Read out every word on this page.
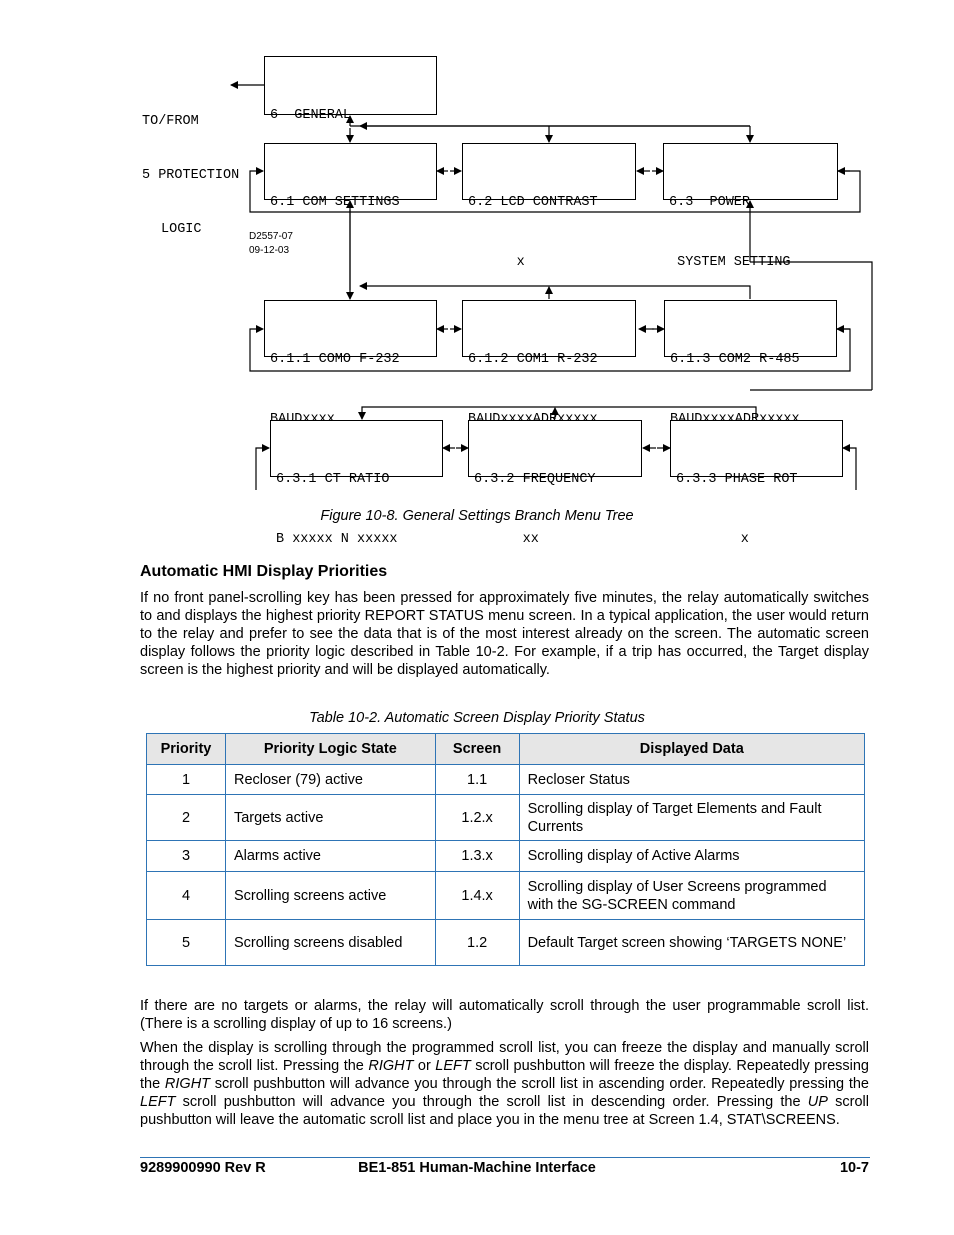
TO/FROM

5 PROTECTION

LOGIC

6  GENERAL

6.1 COM SETTINGS

	6.2 LCD CONTRAST

x

6.3  POWER

SYSTEM SETTING

D2557-07
09-12-03

6.1.1 COMO F-232

	6.1.2 COM1 R-232

	6.1.3 COM2 R-485

6.3.1 CT RATIO

B xxxxx N xxxxx

6.3.2 FREQUENCY

xx

6.3.3 PHASE ROT

x

Figure 10-8. General Settings Branch Menu Tree
Automatic HMI Display Priorities

If no front panel-scrolling key has been pressed for approximately five minutes, the relay automatically switches to and displays the highest priority REPORT STATUS menu screen. In a typical application, the user would return to the relay and prefer to see the data that is of the most interest already on the screen. The automatic screen display follows the priority logic described in Table 10-2. For example, if a trip has occurred, the Target display screen is the highest priority and will be displayed automatically.

Table 10-2. Automatic Screen Display Priority Status
Priority	Priority Logic State	Screen	Displayed Data
1	Recloser (79) active	1.1	Recloser Status
2	Targets active	1.2.x	Scrolling display of Target Elements and Fault Currents
3	Alarms active	1.3.x	Scrolling display of Active Alarms
4	Scrolling screens active	1.4.x	Scrolling display of User Screens programmed with the SG-SCREEN command
5	Scrolling screens disabled	1.2	Default Target screen showing ‘TARGETS NONE’

If there are no targets or alarms, the relay will automatically scroll through the user programmable scroll list. (There is a scrolling display of up to 16 screens.)

When the display is scrolling through the programmed scroll list, you can freeze the display and manually scroll through the scroll list. Pressing the RIGHT or LEFT scroll pushbutton will freeze the display. Repeatedly pressing the RIGHT scroll pushbutton will advance you through the scroll list in ascending order. Repeatedly pressing the LEFT scroll pushbutton will advance you through the scroll list in descending order. Pressing the UP scroll pushbutton will leave the automatic scroll list and place you in the menu tree at Screen 1.4, STAT\SCREENS.

9289900990 Rev R	BE1-851 Human-Machine Interface	10-7
